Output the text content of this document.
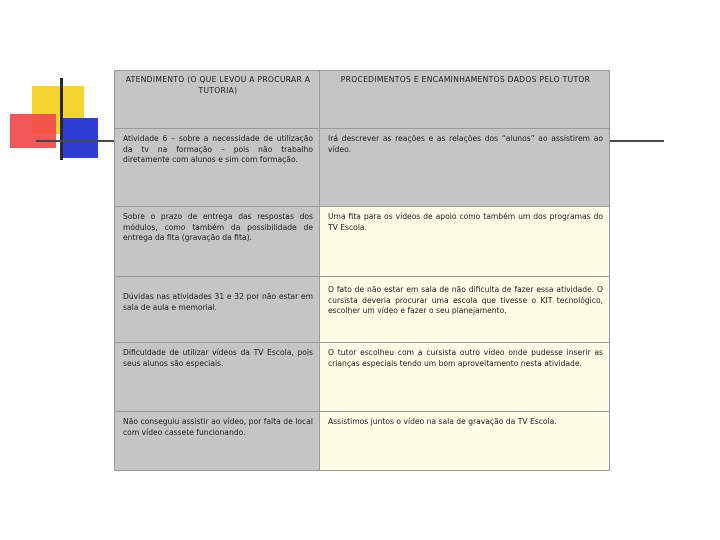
ATENDIMENTO (O QUE LEVOU A PROCURAR A TUTORIA)	PROCEDIMENTOS E ENCAMINHAMENTOS DADOS PELO TUTOR

Atividade 6 – sobre a necessidade de utilização da tv na formação – pois não trabalho diretamente com alunos e sim com formação.	Irá descrever as reações e as relações dos “alunos” ao assistirem ao vídeo.

Sobre o prazo de entrega das respostas dos módulos, como também da possibilidade de entrega da fita (gravação da fita).	Uma fita para os vídeos de apoio como também um dos programas do TV Escola.

Dúvidas nas atividades 31 e 32 por não estar em sala de aula e memorial.	O fato de não estar em sala de não dificulta de fazer essa atividade. O cursista deveria procurar uma escola que tivesse o KIT tecnológico, escolher um vídeo e fazer o seu planejamento.

Dificuldade de utilizar vídeos da TV Escola, pois seus alunos são especiais.	O tutor escolheu com a cursista outro vídeo onde pudesse inserir as crianças especiais tendo um bom aproveitamento nesta atividade.

Não conseguiu assistir ao vídeo, por falta de local com vídeo cassete funcionando.	Assistimos juntos o vídeo na sala de gravação da TV Escola.
